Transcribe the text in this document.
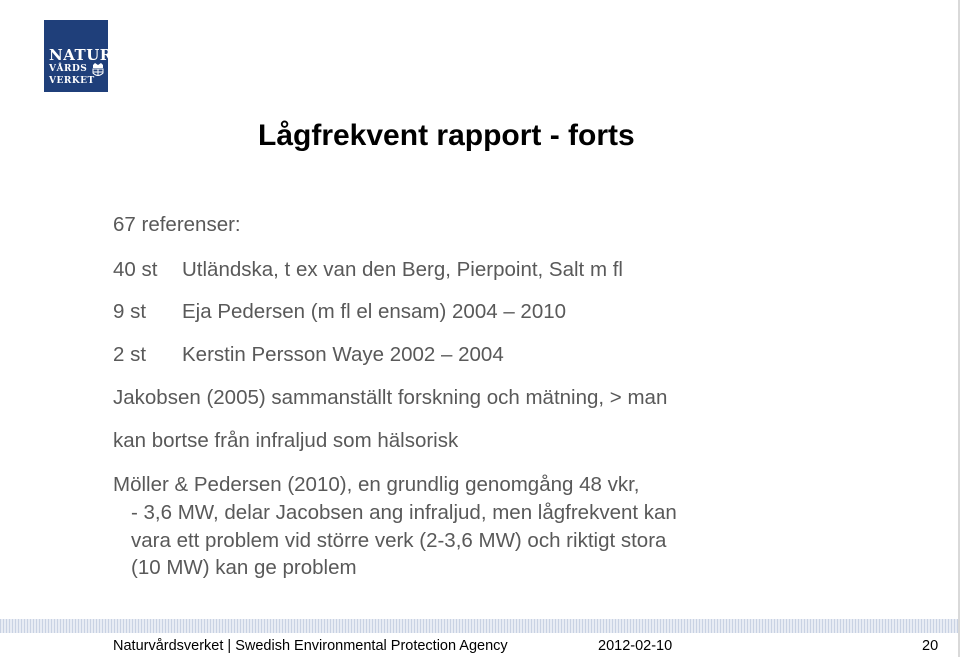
NATUR
VÅRDS
VERKET
Lågfrekvent rapport - forts
67 referenser:
40 st Utländska, t ex van den Berg, Pierpoint, Salt m fl
9 st Eja Pedersen (m fl el ensam) 2004 – 2010
2 st Kerstin Persson Waye 2002 – 2004
Jakobsen (2005) sammanställt forskning och mätning, > man
kan bortse från infraljud som hälsorisk
Möller & Pedersen (2010), en grundlig genomgång 48 vkr,
- 3,6 MW, delar Jacobsen ang infraljud, men lågfrekvent kan
vara ett problem vid större verk (2-3,6 MW) och riktigt stora
(10 MW) kan ge problem
Naturvårdsverket | Swedish Environmental Protection Agency	2012-02-10	20
